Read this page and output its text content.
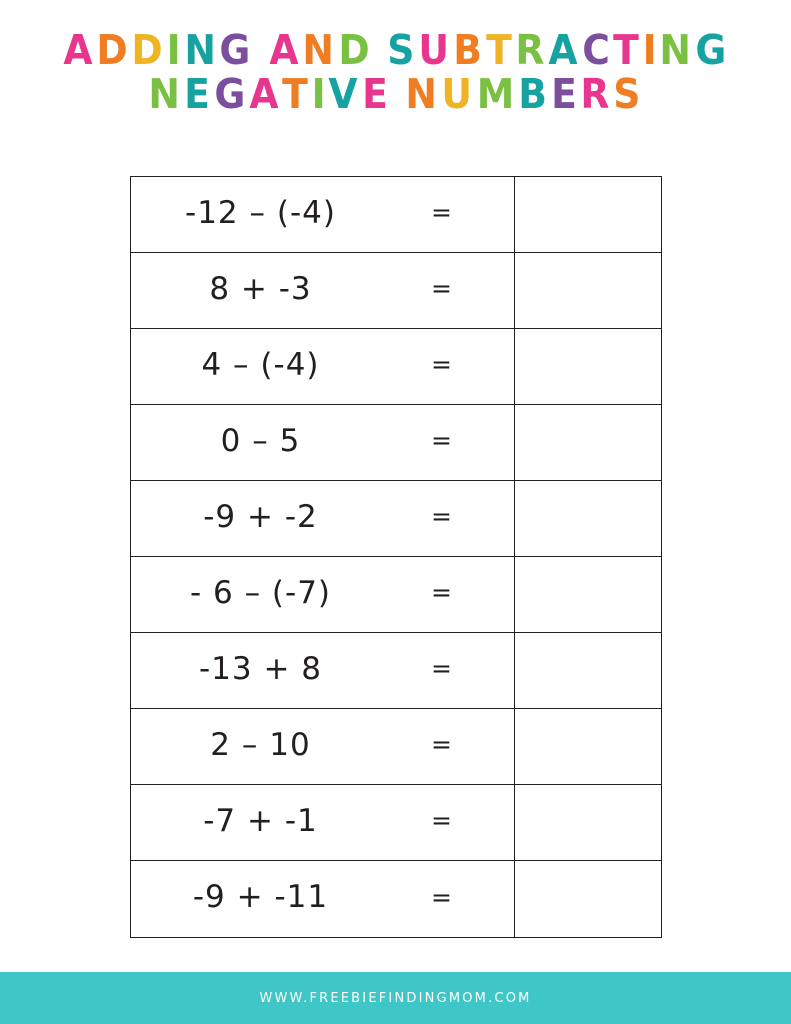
ADDING AND SUBTRACTING
NEGATIVE NUMBERS
-12 – (-4)	=
8 + -3	=
4 – (-4)	=
0 – 5	=
-9 + -2	=
- 6 – (-7)	=
-13 + 8	=
2 – 10	=
-7 + -1	=
-9 + -11	=
WWW.FREEBIEFINDINGMOM.COM
